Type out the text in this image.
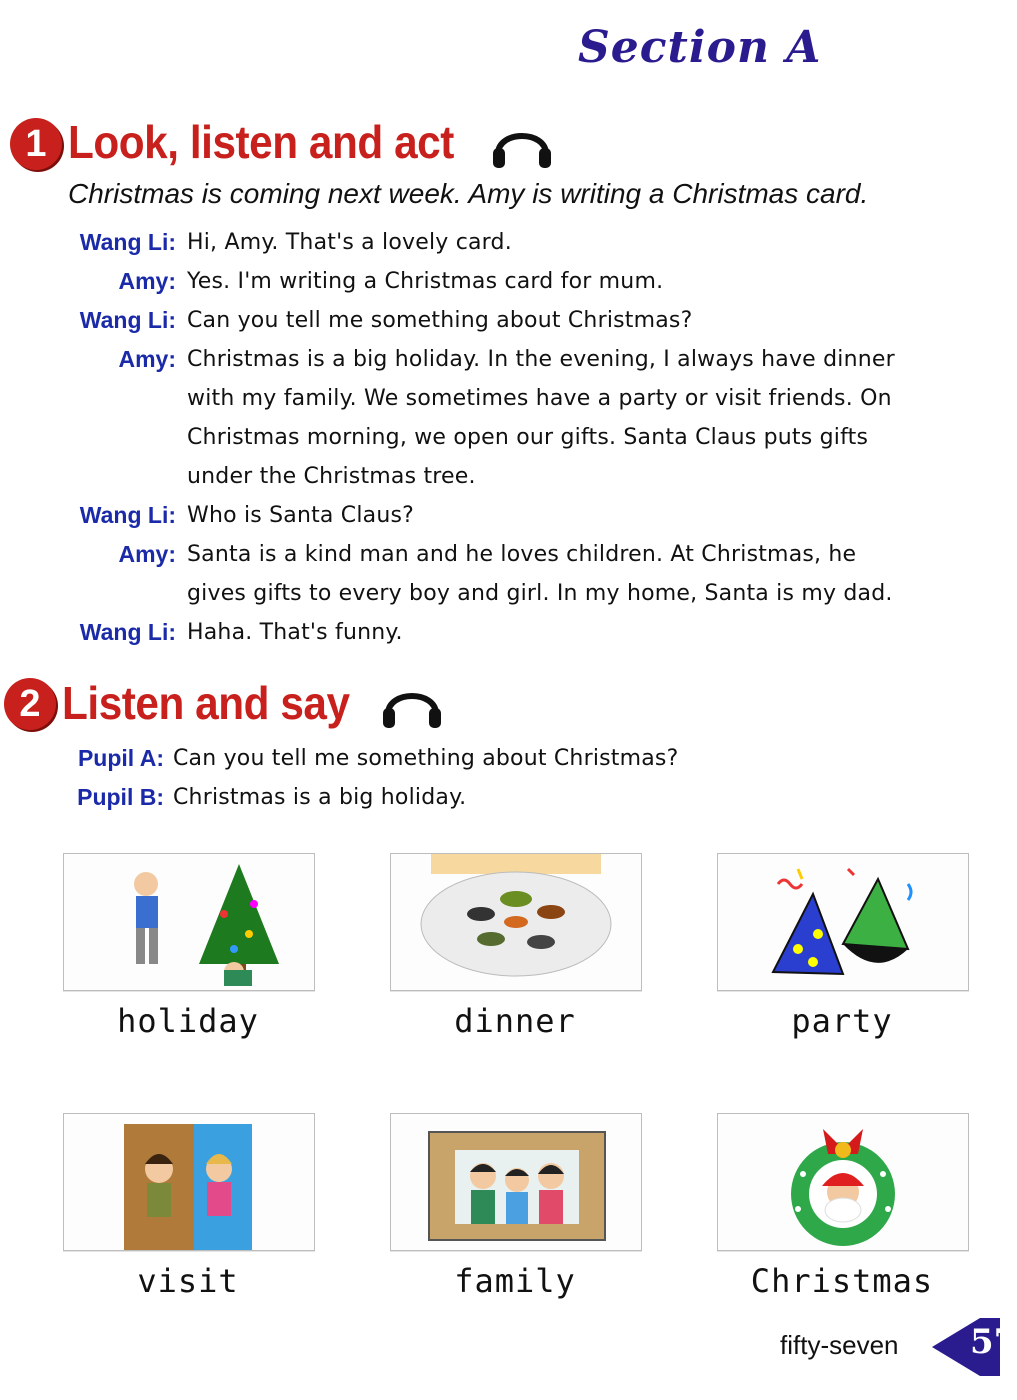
Section A
1 Look, listen and act
Christmas is coming next week. Amy is writing a Christmas card.
Wang Li: Hi, Amy. That's a lovely card.
Amy: Yes. I'm writing a Christmas card for mum.
Wang Li: Can you tell me something about Christmas?
Amy: Christmas is a big holiday. In the evening, I always have dinner
with my family. We sometimes have a party or visit friends. On
Christmas morning, we open our gifts. Santa Claus puts gifts
under the Christmas tree.
Wang Li: Who is Santa Claus?
Amy: Santa is a kind man and he loves children. At Christmas, he
gives gifts to every boy and girl. In my home, Santa is my dad.
Wang Li: Haha. That's funny.
2 Listen and say
Pupil A: Can you tell me something about Christmas?
Pupil B: Christmas is a big holiday.
holiday	dinner	party
visit	family	Christmas
fifty-seven 57
